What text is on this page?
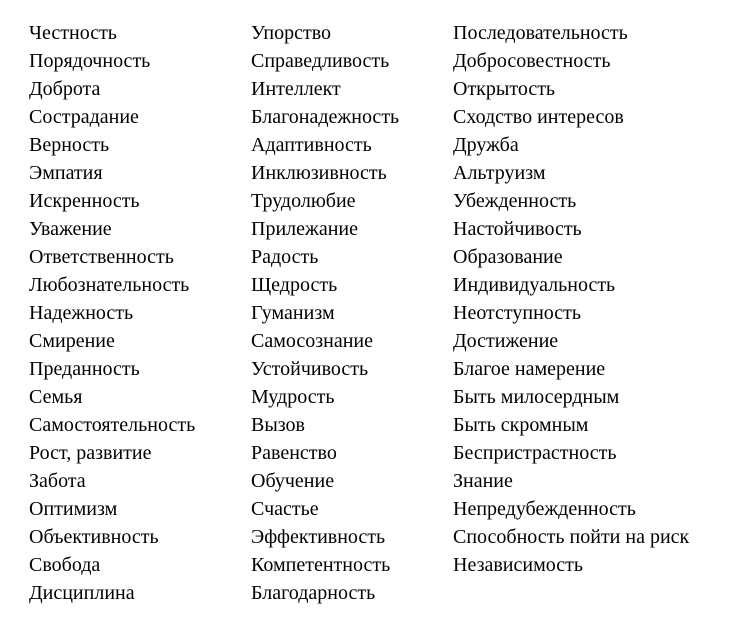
Честность
Порядочность
Доброта
Сострадание
Верность
Эмпатия
Искренность
Уважение
Ответственность
Любознательность
Надежность
Смирение
Преданность
Семья
Самостоятельность
Рост, развитие
Забота
Оптимизм
Объективность
Свобода
Дисциплина
Упорство
Справедливость
Интеллект
Благонадежность
Адаптивность
Инклюзивность
Трудолюбие
Прилежание
Радость
Щедрость
Гуманизм
Самосознание
Устойчивость
Мудрость
Вызов
Равенство
Обучение
Счастье
Эффективность
Компетентность
Благодарность
Последовательность
Добросовестность
Открытость
Сходство интересов
Дружба
Альтруизм
Убежденность
Настойчивость
Образование
Индивидуальность
Неотступность
Достижение
Благое намерение
Быть милосердным
Быть скромным
Беспристрастность
Знание
Непредубежденность
Способность пойти на риск
Независимость
